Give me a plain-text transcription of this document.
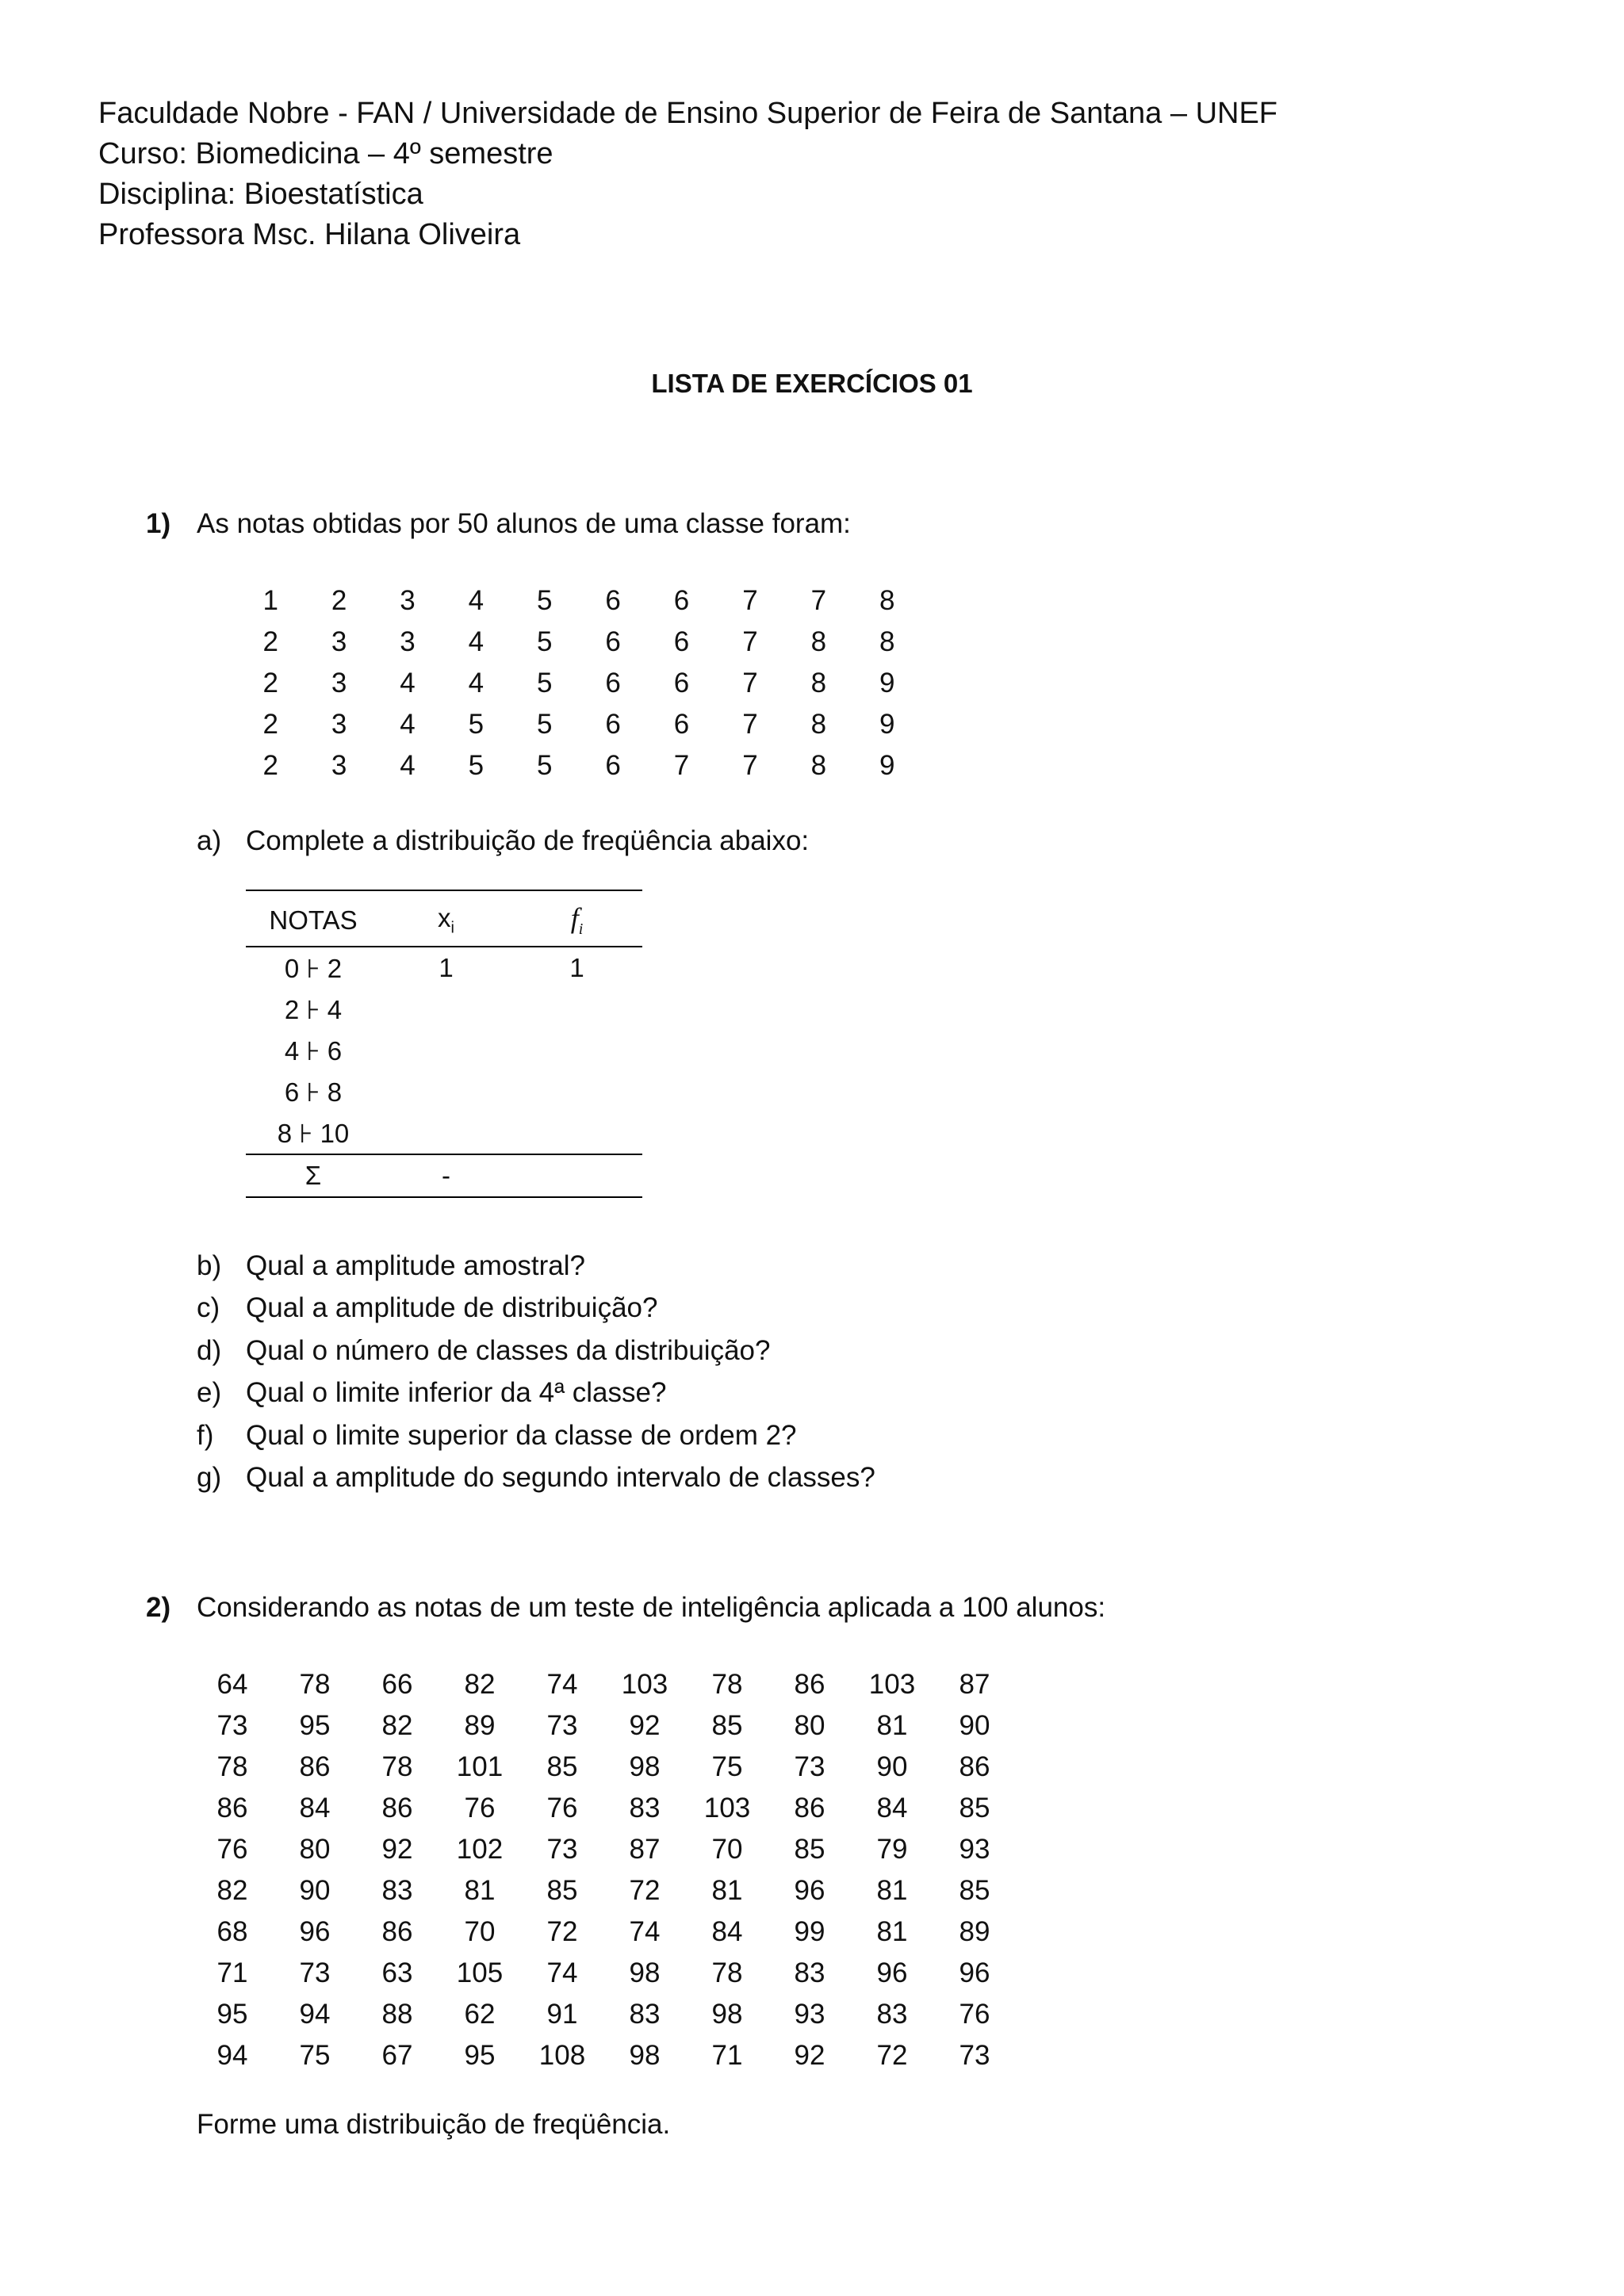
Faculdade Nobre - FAN / Universidade de Ensino Superior de Feira de Santana – UNEF
Curso: Biomedicina – 4º semestre
Disciplina: Bioestatística
Professora Msc. Hilana Oliveira
LISTA DE EXERCÍCIOS 01
1) As notas obtidas por 50 alunos de uma classe foram:
1	2	3	4	5	6	6	7	7	8
2	3	3	4	5	6	6	7	8	8
2	3	4	4	5	6	6	7	8	9
2	3	4	5	5	6	6	7	8	9
2	3	4	5	5	6	7	7	8	9
a) Complete a distribuição de freqüência abaixo:
NOTAS	$x_i$	$f_i$
0 ⊦ 2	1	1
2 ⊦ 4
4 ⊦ 6
6 ⊦ 8
8 ⊦ 10
Σ	-
b) Qual a amplitude amostral?
c) Qual a amplitude de distribuição?
d) Qual o número de classes da distribuição?
e) Qual o limite inferior da 4ª classe?
f) Qual o limite superior da classe de ordem 2?
g) Qual a amplitude do segundo intervalo de classes?
2) Considerando as notas de um teste de inteligência aplicada a 100 alunos:
64	78	66	82	74	103	78	86	103	87
73	95	82	89	73	92	85	80	81	90
78	86	78	101	85	98	75	73	90	86
86	84	86	76	76	83	103	86	84	85
76	80	92	102	73	87	70	85	79	93
82	90	83	81	85	72	81	96	81	85
68	96	86	70	72	74	84	99	81	89
71	73	63	105	74	98	78	83	96	96
95	94	88	62	91	83	98	93	83	76
94	75	67	95	108	98	71	92	72	73
Forme uma distribuição de freqüência.
